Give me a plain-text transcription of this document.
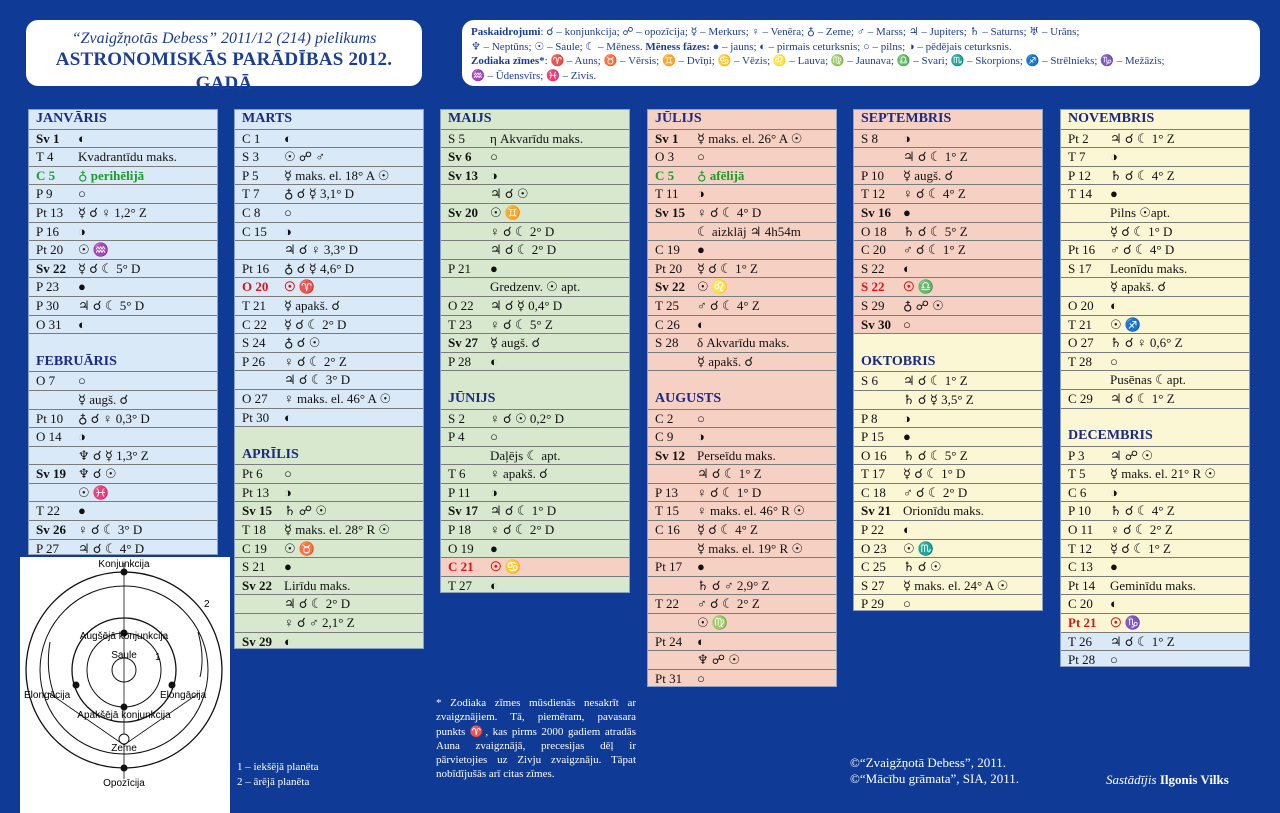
“Zvaigžņotās Debess” 2011/12 (214) pielikums
ASTRONOMISKĀS PARĀDĪBAS 2012. GADĀ
Paskaidrojumi: ☌ – konjunkcija; ☍ – opozīcija; ☿ – Merkurs; ♀ – Venēra; ♁ – Zeme; ♂ – Marss; ♃ – Jupiters; ♄ – Saturns; ♅ – Urāns;
♆ – Neptūns; ☉ – Saule; ☾ – Mēness. Mēness fāzes: ● – jauns; ◐ – pirmais ceturksnis; ○ – pilns; ◑ – pēdējais ceturksnis.
Zodiaka zīmes*: ♈ – Auns; ♉ – Vērsis; ♊ – Dvīņi; ♋ – Vēzis; ♌ – Lauva; ♍ – Jaunava; ♎ – Svari; ♏ – Skorpions; ♐ – Strēlnieks; ♑ – Mežāzis;
♒ – Ūdensvīrs; ♓ – Zivis.
JANVĀRIS
Sv 1 ◐
T 4 Kvadrantīdu maks.
C 5 ♁ perihēlijā
P 9 ○
Pt 13 ☿ ☌ ♀ 1,2° Z
P 16 ◑
Pt 20 ☉ ♒
Sv 22 ☿ ☌ ☾ 5° D
P 23 ●
P 30 ♃ ☌ ☾ 5° D
O 31 ◐
FEBRUĀRIS
O 7 ○
☿ augš. ☌
Pt 10 ♁ ☌ ♀ 0,3° D
O 14 ◑
♆ ☌ ☿ 1,3° Z
Sv 19 ♆ ☌ ☉
☉ ♓
T 22 ●
Sv 26 ♀ ☌ ☾ 3° D
P 27 ♃ ☌ ☾ 4° D
MARTS
C 1 ◐
S 3 ☉ ☍ ♂
P 5 ☿ maks. el. 18° A ☉
T 7 ♁ ☌ ☿ 3,1° D
C 8 ○
C 15 ◑
♃ ☌ ♀ 3,3° D
Pt 16 ♁ ☌ ☿ 4,6° D
O 20 ☉ ♈
T 21 ☿ apakš. ☌
C 22 ☿ ☌ ☾ 2° D
S 24 ♁ ☌ ☉
P 26 ♀ ☌ ☾ 2° Z
♃ ☌ ☾ 3° D
O 27 ♀ maks. el. 46° A ☉
Pt 30 ◐
APRĪLIS
Pt 6 ○
Pt 13 ◑
Sv 15 ♄ ☍ ☉
T 18 ☿ maks. el. 28° R ☉
C 19 ☉ ♉
S 21 ●
Sv 22 Lirīdu maks.
♃ ☌ ☾ 2° D
♀ ☌ ♂ 2,1° Z
Sv 29 ◐
MAIJS
S 5 η Akvarīdu maks.
Sv 6 ○
Sv 13 ◑
♃ ☌ ☉
Sv 20 ☉ ♊
♀ ☌ ☾ 2° D
♃ ☌ ☾ 2° D
P 21 ●
Gredzenv. ☉ apt.
O 22 ♃ ☌ ☿ 0,4° D
T 23 ♀ ☌ ☾ 5° Z
Sv 27 ☿ augš. ☌
P 28 ◐
JŪNIJS
S 2 ♀ ☌ ☉ 0,2° D
P 4 ○
Daļējs ☾ apt.
T 6 ♀ apakš. ☌
P 11 ◑
Sv 17 ♃ ☌ ☾ 1° D
P 18 ♀ ☌ ☾ 2° D
O 19 ●
C 21 ☉ ♋
T 27 ◐
JŪLIJS
Sv 1 ☿ maks. el. 26° A ☉
O 3 ○
C 5 ♁ afēlijā
T 11 ◑
Sv 15 ♀ ☌ ☾ 4° D
☾ aizklāj ♃ 4h54m
C 19 ●
Pt 20 ☿ ☌ ☾ 1° Z
Sv 22 ☉ ♌
T 25 ♂ ☌ ☾ 4° Z
C 26 ◐
S 28 δ Akvarīdu maks.
☿ apakš. ☌
AUGUSTS
C 2 ○
C 9 ◑
Sv 12 Perseīdu maks.
♃ ☌ ☾ 1° Z
P 13 ♀ ☌ ☾ 1° D
T 15 ♀ maks. el. 46° R ☉
C 16 ☿ ☌ ☾ 4° Z
☿ maks. el. 19° R ☉
Pt 17 ●
♄ ☌ ♂ 2,9° Z
T 22 ♂ ☌ ☾ 2° Z
☉ ♍
Pt 24 ◐
♆ ☍ ☉
Pt 31 ○
SEPTEMBRIS
S 8 ◑
♃ ☌ ☾ 1° Z
P 10 ☿ augš. ☌
T 12 ♀ ☌ ☾ 4° Z
Sv 16 ●
O 18 ♄ ☌ ☾ 5° Z
C 20 ♂ ☌ ☾ 1° Z
S 22 ◐
S 22 ☉ ♎
S 29 ♁ ☍ ☉
Sv 30 ○
OKTOBRIS
S 6 ♃ ☌ ☾ 1° Z
♄ ☌ ☿ 3,5° Z
P 8 ◑
P 15 ●
O 16 ♄ ☌ ☾ 5° Z
T 17 ☿ ☌ ☾ 1° D
C 18 ♂ ☌ ☾ 2° D
Sv 21 Orionīdu maks.
P 22 ◐
O 23 ☉ ♏
C 25 ♄ ☌ ☉
S 27 ☿ maks. el. 24° A ☉
P 29 ○
NOVEMBRIS
Pt 2 ♃ ☌ ☾ 1° Z
T 7 ◑
P 12 ♄ ☌ ☾ 4° Z
T 14 ●
Pilns ☉apt.
☿ ☌ ☾ 1° D
Pt 16 ♂ ☌ ☾ 4° D
S 17 Leonīdu maks.
☿ apakš. ☌
O 20 ◐
T 21 ☉ ♐
O 27 ♄ ☌ ♀ 0,6° Z
T 28 ○
Pusēnas ☾apt.
C 29 ♃ ☌ ☾ 1° Z
DECEMBRIS
P 3 ♃ ☍ ☉
T 5 ☿ maks. el. 21° R ☉
C 6 ◑
P 10 ♄ ☌ ☾ 4° Z
O 11 ♀ ☌ ☾ 2° Z
T 12 ☿ ☌ ☾ 1° Z
C 13 ●
Pt 14 Geminīdu maks.
C 20 ◐
Pt 21 ☉ ♑
T 26 ♃ ☌ ☾ 1° Z
Pt 28 ○
Konjunkcija
Augšējā konjunkcija
Saule
Elongācija	Elongācija
Apakšējā konjunkcija
Zeme
Opozīcija
1
2
1 – iekšējā planēta
2 – ārējā planēta
* Zodiaka zīmes mūsdienās nesakrīt ar zvaigznājiem. Tā, piemēram, pavasara punkts ♈, kas pirms 2000 gadiem atradās Auna zvaigznājā, precesijas dēļ ir pārvietojies uz Zivju zvaigznāju. Tāpat nobīdījušās arī citas zīmes.
©“Zvaigžņotā Debess”, 2011.
©“Mācību grāmata”, SIA, 2011.	Sastādījis Ilgonis Vilks
